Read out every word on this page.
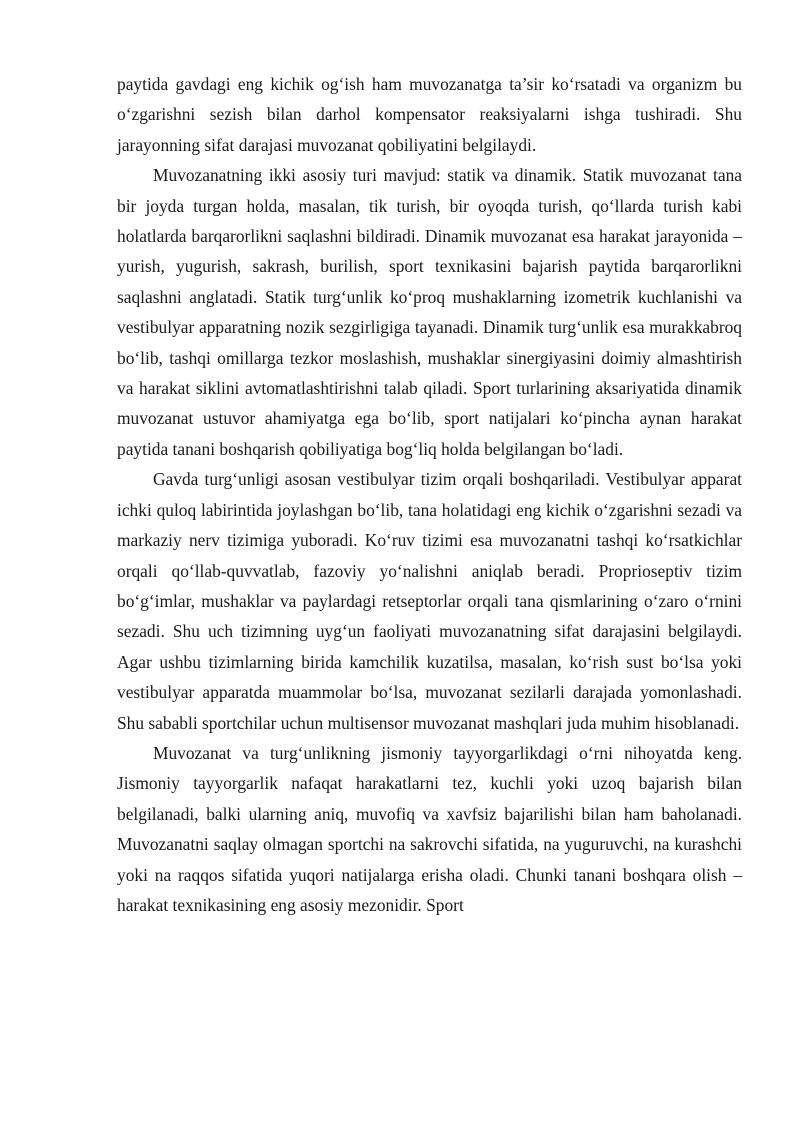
paytida gavdagi eng kichik og‘ish ham muvozanatga ta’sir ko‘rsatadi va organizm bu o‘zgarishni sezish bilan darhol kompensator reaksiyalarni ishga tushiradi. Shu jarayonning sifat darajasi muvozanat qobiliyatini belgilaydi.

Muvozanatning ikki asosiy turi mavjud: statik va dinamik. Statik muvozanat tana bir joyda turgan holda, masalan, tik turish, bir oyoqda turish, qo‘llarda turish kabi holatlarda barqarorlikni saqlashni bildiradi. Dinamik muvozanat esa harakat jarayonida – yurish, yugurish, sakrash, burilish, sport texnikasini bajarish paytida barqarorlikni saqlashni anglatadi. Statik turg‘unlik ko‘proq mushaklarning izometrik kuchlanishi va vestibulyar apparatning nozik sezgirligiga tayanadi. Dinamik turg‘unlik esa murakkabroq bo‘lib, tashqi omillarga tezkor moslashish, mushaklar sinergiyasini doimiy almashtirish va harakat siklini avtomatlashtirishni talab qiladi. Sport turlarining aksariyatida dinamik muvozanat ustuvor ahamiyatga ega bo‘lib, sport natijalari ko‘pincha aynan harakat paytida tanani boshqarish qobiliyatiga bog‘liq holda belgilangan bo‘ladi.

Gavda turg‘unligi asosan vestibulyar tizim orqali boshqariladi. Vestibulyar apparat ichki quloq labirintida joylashgan bo‘lib, tana holatidagi eng kichik o‘zgarishni sezadi va markaziy nerv tizimiga yuboradi. Ko‘ruv tizimi esa muvozanatni tashqi ko‘rsatkichlar orqali qo‘llab-quvvatlab, fazoviy yo‘nalishni aniqlab beradi. Proprioseptiv tizim bo‘g‘imlar, mushaklar va paylardagi retseptorlar orqali tana qismlarining o‘zaro o‘rnini sezadi. Shu uch tizimning uyg‘un faoliyati muvozanatning sifat darajasini belgilaydi. Agar ushbu tizimlarning birida kamchilik kuzatilsa, masalan, ko‘rish sust bo‘lsa yoki vestibulyar apparatda muammolar bo‘lsa, muvozanat sezilarli darajada yomonlashadi. Shu sababli sportchilar uchun multisensor muvozanat mashqlari juda muhim hisoblanadi.

Muvozanat va turg‘unlikning jismoniy tayyorgarlikdagi o‘rni nihoyatda keng. Jismoniy tayyorgarlik nafaqat harakatlarni tez, kuchli yoki uzoq bajarish bilan belgilanadi, balki ularning aniq, muvofiq va xavfsiz bajarilishi bilan ham baholanadi. Muvozanatni saqlay olmagan sportchi na sakrovchi sifatida, na yuguruvchi, na kurashchi yoki na raqqos sifatida yuqori natijalarga erisha oladi. Chunki tanani boshqara olish – harakat texnikasining eng asosiy mezonidir. Sport
